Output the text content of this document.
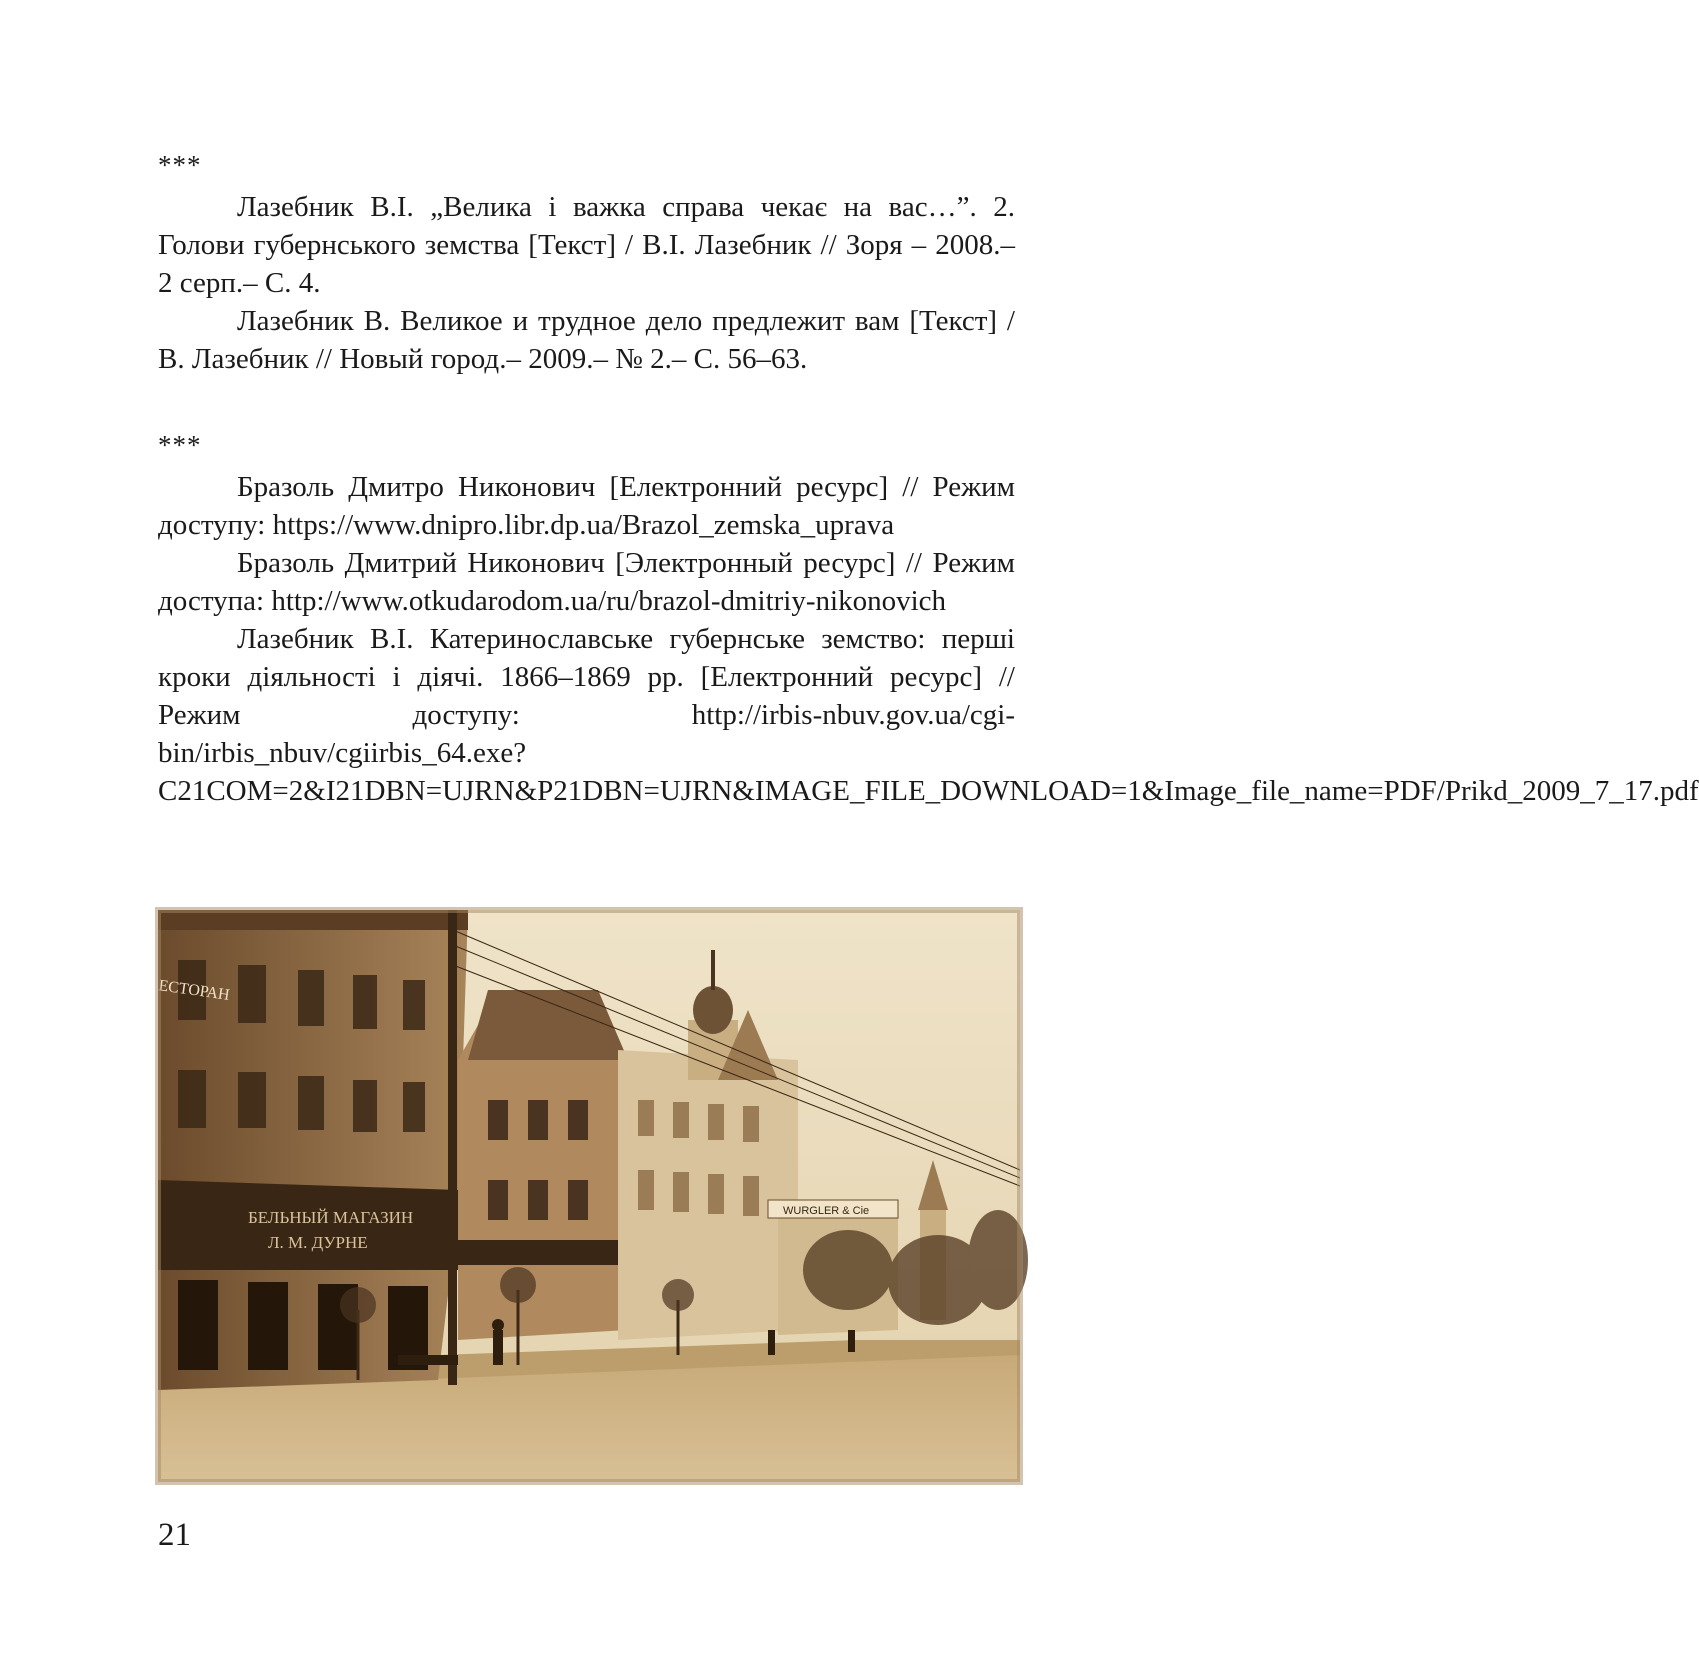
***

Лазебник В.І. „Велика і важка справа чекає на вас…”. 2. Голови губернського земства [Текст] / В.І. Лазебник // Зоря – 2008.– 2 серп.– С. 4.

Лазебник В. Великое и трудное дело предлежит вам [Текст] / В. Лазебник // Новый город.– 2009.– № 2.– С. 56–63.

***

Бразоль Дмитро Никонович [Електронний ресурс] // Режим доступу: https://www.dnipro.libr.dp.ua/Brazol_zemska_uprava

Бразоль Дмитрий Никонович [Электронный ресурс] // Режим доступа: http://www.otkudarodom.ua/ru/brazol-dmitriy-nikonovich

Лазебник В.І. Катеринославське губернське земство: перші кроки діяльності і діячі. 1866–1869 рр. [Електронний ресурс] // Режим доступу: http://irbis-nbuv.gov.ua/cgi-bin/irbis_nbuv/cgiirbis_64.exe?C21COM=2&I21DBN=UJRN&P21DBN=UJRN&IMAGE_FILE_DOWNLOAD=1&Image_file_name=PDF/Prikd_2009_7_17.pdf

БЕЛЬНЫЙ МАГАЗИН
Л. М. ДУРНЕ
ЕСТОРАН
WURGLER & Cie
21
